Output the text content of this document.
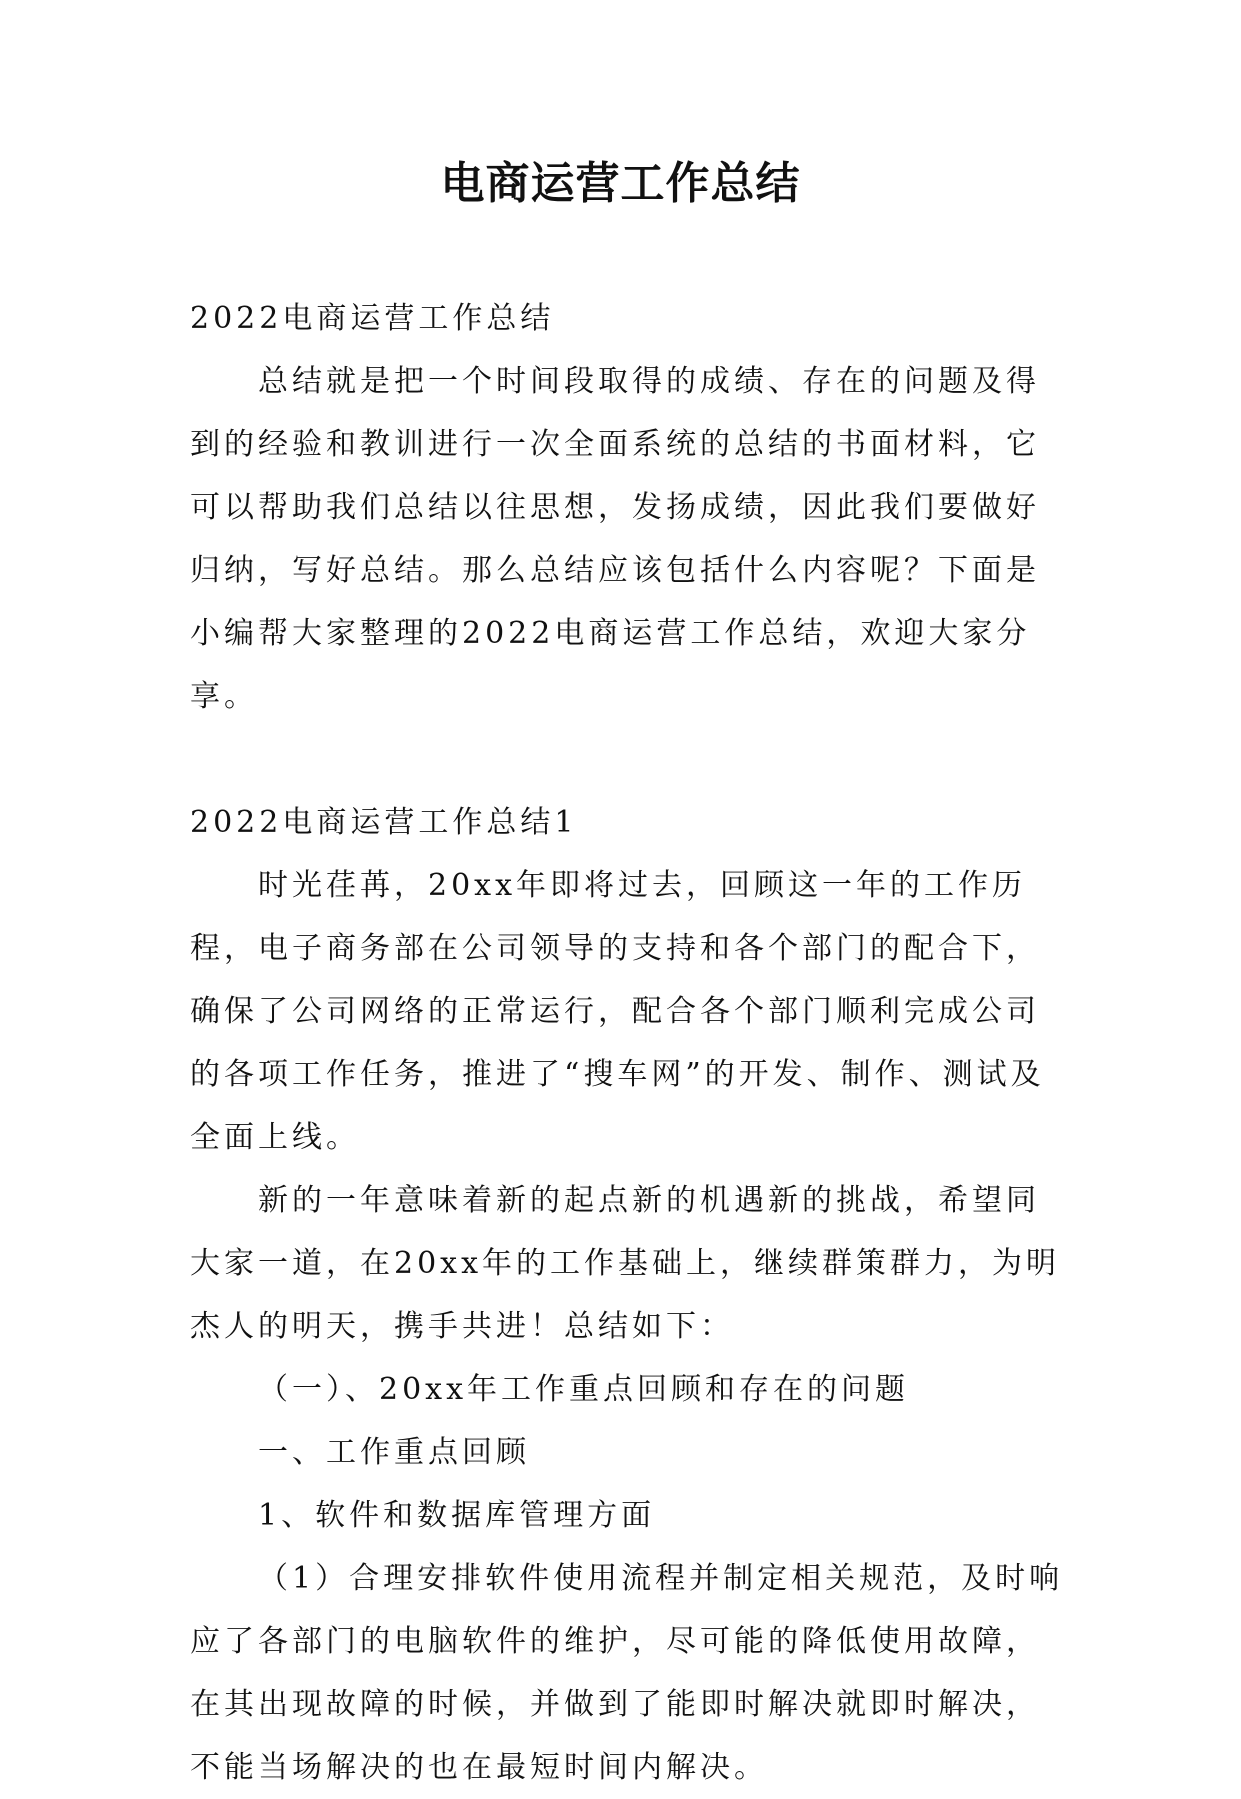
电商运营工作总结

2022电商运营工作总结

总结就是把一个时间段取得的成绩、存在的问题及得到的经验和教训进行一次全面系统的总结的书面材料，它可以帮助我们总结以往思想，发扬成绩，因此我们要做好归纳，写好总结。那么总结应该包括什么内容呢？下面是小编帮大家整理的2022电商运营工作总结，欢迎大家分享。

2022电商运营工作总结1

时光荏苒，20xx年即将过去，回顾这一年的工作历程，电子商务部在公司领导的支持和各个部门的配合下，确保了公司网络的正常运行，配合各个部门顺利完成公司的各项工作任务，推进了“搜车网”的开发、制作、测试及全面上线。

新的一年意味着新的起点新的机遇新的挑战，希望同大家一道，在20xx年的工作基础上，继续群策群力，为明杰人的明天，携手共进！总结如下：

（一）、20xx年工作重点回顾和存在的问题

一、工作重点回顾

1、软件和数据库管理方面

（1）合理安排软件使用流程并制定相关规范，及时响应了各部门的电脑软件的维护，尽可能的降低使用故障，在其出现故障的时候，并做到了能即时解决就即时解决，不能当场解决的也在最短时间内解决。
